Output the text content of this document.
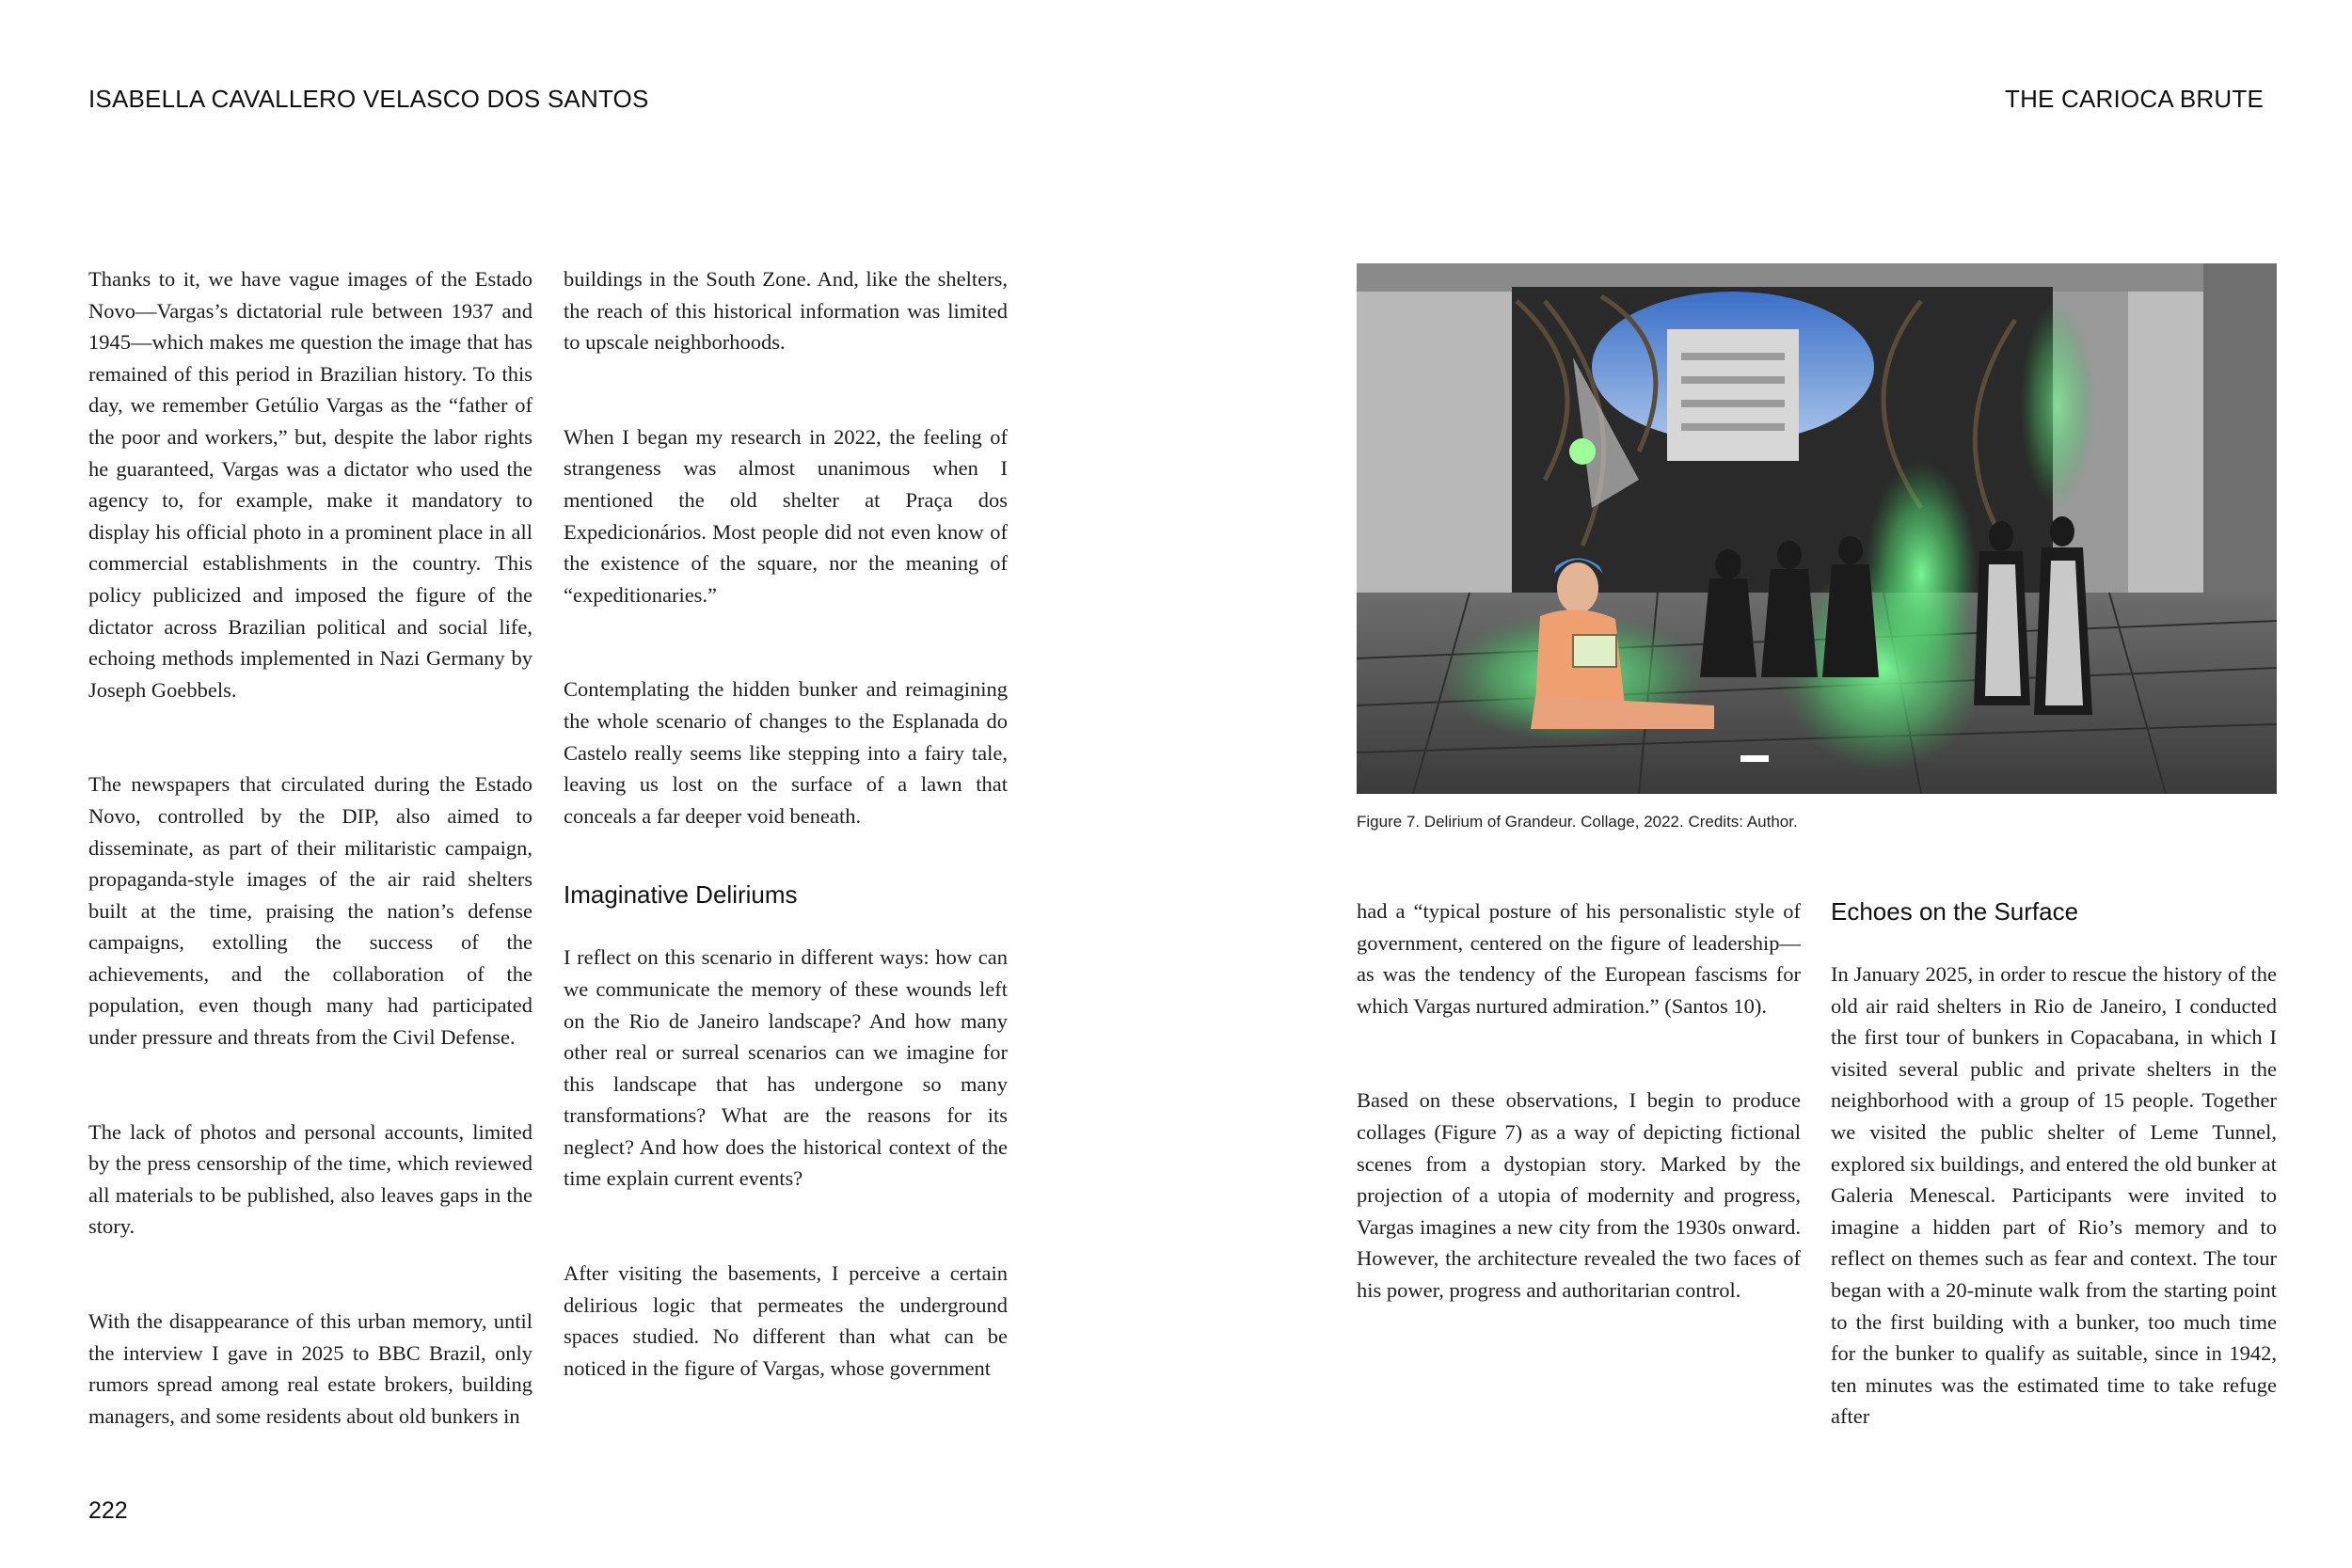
ISABELLA CAVALLERO VELASCO DOS SANTOS	THE CARIOCA BRUTE

Thanks to it, we have vague images of the Estado Novo—Vargas’s dictatorial rule between 1937 and 1945—which makes me question the image that has remained of this period in Brazilian history. To this day, we remember Getúlio Vargas as the “father of the poor and workers,” but, despite the labor rights he guaranteed, Vargas was a dictator who used the agency to, for example, make it mandatory to display his official photo in a prominent place in all commercial establishments in the country. This policy publicized and imposed the figure of the dictator across Brazilian political and social life, echoing methods implemented in Nazi Germany by Joseph Goebbels.

The newspapers that circulated during the Estado Novo, controlled by the DIP, also aimed to disseminate, as part of their militaristic campaign, propaganda-style images of the air raid shelters built at the time, praising the nation’s defense campaigns, extolling the success of the achievements, and the collaboration of the population, even though many had participated under pressure and threats from the Civil Defense.

The lack of photos and personal accounts, limited by the press censorship of the time, which reviewed all materials to be published, also leaves gaps in the story.

With the disappearance of this urban memory, until the interview I gave in 2025 to BBC Brazil, only rumors spread among real estate brokers, building managers, and some residents about old bunkers in

buildings in the South Zone. And, like the shelters, the reach of this historical information was limited to upscale neighborhoods.

When I began my research in 2022, the feeling of strangeness was almost unanimous when I mentioned the old shelter at Praça dos Expedicionários. Most people did not even know of the existence of the square, nor the meaning of “expeditionaries.”

Contemplating the hidden bunker and reimagining the whole scenario of changes to the Esplanada do Castelo really seems like stepping into a fairy tale, leaving us lost on the surface of a lawn that conceals a far deeper void beneath.

Imaginative Deliriums

I reflect on this scenario in different ways: how can we communicate the memory of these wounds left on the Rio de Janeiro landscape? And how many other real or surreal scenarios can we imagine for this landscape that has undergone so many transformations? What are the reasons for its neglect? And how does the historical context of the time explain current events?

After visiting the basements, I perceive a certain delirious logic that permeates the underground spaces studied. No different than what can be noticed in the figure of Vargas, whose government

222
Figure 7. Delirium of Grandeur. Collage, 2022. Credits: Author.

had a “typical posture of his personalistic style of government, centered on the figure of leadership—as was the tendency of the European fascisms for which Vargas nurtured admiration.” (Santos 10).

Based on these observations, I begin to produce collages (Figure 7) as a way of depicting fictional scenes from a dystopian story. Marked by the projection of a utopia of modernity and progress, Vargas imagines a new city from the 1930s onward. However, the architecture revealed the two faces of his power, progress and authoritarian control.

Echoes on the Surface

In January 2025, in order to rescue the history of the old air raid shelters in Rio de Janeiro, I conducted the first tour of bunkers in Copacabana, in which I visited several public and private shelters in the neighborhood with a group of 15 people. Together we visited the public shelter of Leme Tunnel, explored six buildings, and entered the old bunker at Galeria Menescal. Participants were invited to imagine a hidden part of Rio’s memory and to reflect on themes such as fear and context. The tour began with a 20-minute walk from the starting point to the first building with a bunker, too much time for the bunker to qualify as suitable, since in 1942, ten minutes was the estimated time to take refuge after
